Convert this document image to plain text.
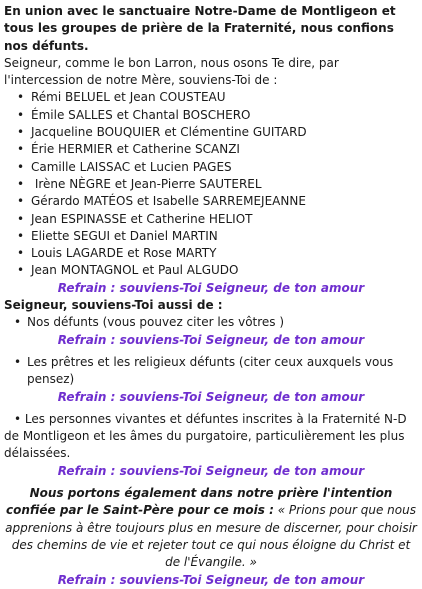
En union avec le sanctuaire Notre-Dame de Montligeon et tous les groupes de prière de la Fraternité, nous confions nos défunts.
Seigneur, comme le bon Larron, nous osons Te dire, par l'intercession de notre Mère, souviens-Toi de :
• Rémi BELUEL et Jean COUSTEAU
• Émile SALLES et Chantal BOSCHERO
• Jacqueline BOUQUIER et Clémentine GUITARD
• Érie HERMIER et Catherine SCANZI
• Camille LAISSAC et Lucien PAGES
• Irène NÈGRE et Jean-Pierre SAUTEREL
• Gérardo MATÉOS et Isabelle SARREMEJEANNE
• Jean ESPINASSE et Catherine HELIOT
• Eliette SEGUI et Daniel MARTIN
• Louis LAGARDE et Rose MARTY
• Jean MONTAGNOL et Paul ALGUDO
Refrain : souviens-Toi Seigneur, de ton amour
Seigneur, souviens-Toi aussi de :
• Nos défunts (vous pouvez citer les vôtres )
Refrain : souviens-Toi Seigneur, de ton amour
• Les prêtres et les religieux défunts (citer ceux auxquels vous pensez)
Refrain : souviens-Toi Seigneur, de ton amour
• Les personnes vivantes et défuntes inscrites à la Fraternité N-D de Montligeon et les âmes du purgatoire, particulièrement les plus délaissées.
Refrain : souviens-Toi Seigneur, de ton amour
Nous portons également dans notre prière l'intention confiée par le Saint-Père pour ce mois : « Prions pour que nous apprenions à être toujours plus en mesure de discerner, pour choisir des chemins de vie et rejeter tout ce qui nous éloigne du Christ et de l'Évangile. »
Refrain : souviens-Toi Seigneur, de ton amour
